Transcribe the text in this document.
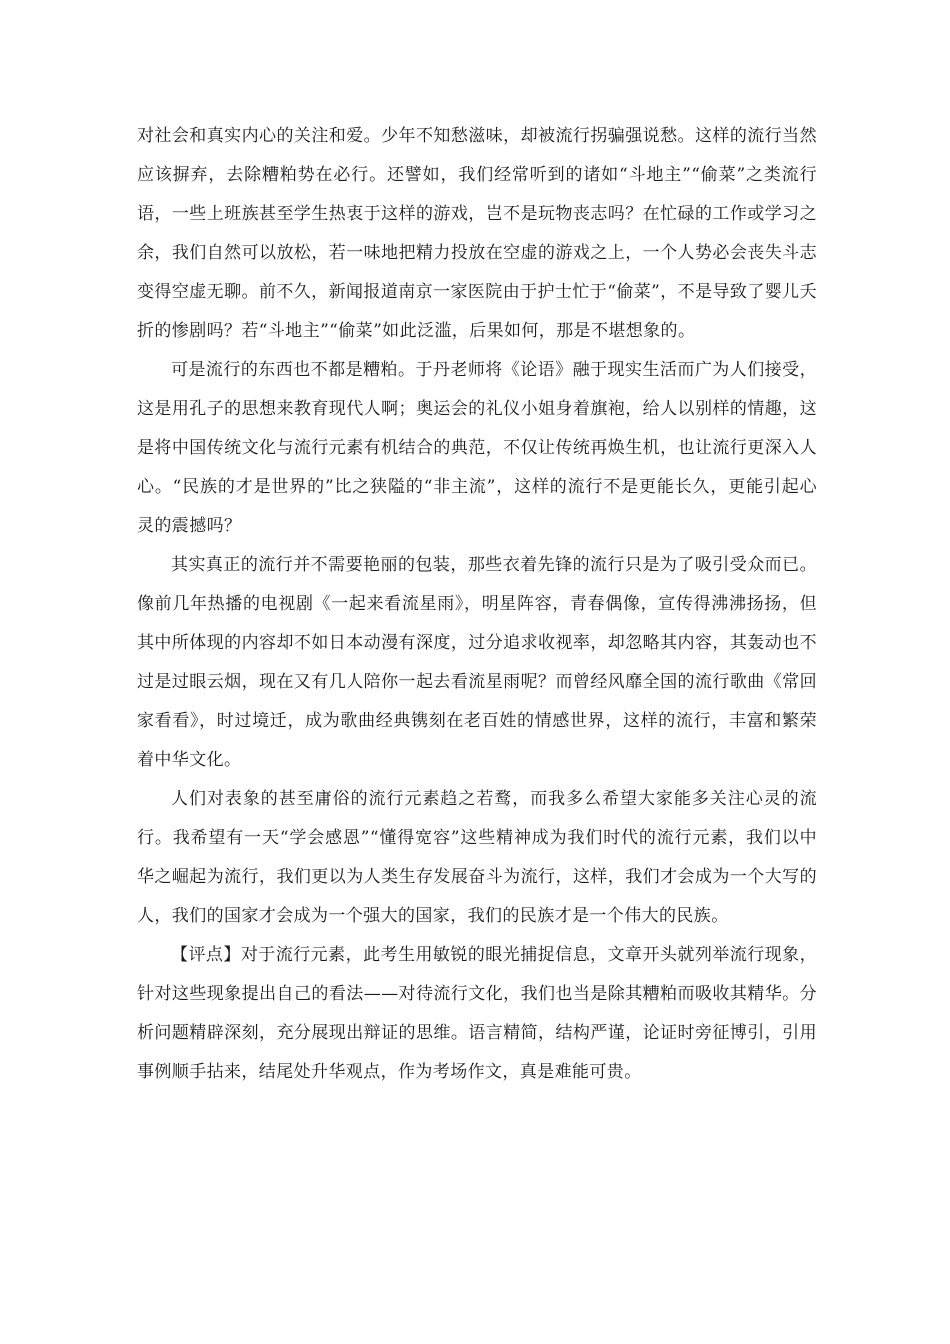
对社会和真实内心的关注和爱。少年不知愁滋味，却被流行拐骗强说愁。这样的流行当然应该摒弃，去除糟粕势在必行。还譬如，我们经常听到的诸如“斗地主”“偷菜”之类流行语，一些上班族甚至学生热衷于这样的游戏，岂不是玩物丧志吗？在忙碌的工作或学习之余，我们自然可以放松，若一味地把精力投放在空虚的游戏之上，一个人势必会丧失斗志变得空虚无聊。前不久，新闻报道南京一家医院由于护士忙于“偷菜”，不是导致了婴儿夭折的惨剧吗？若“斗地主”“偷菜”如此泛滥，后果如何，那是不堪想象的。

可是流行的东西也不都是糟粕。于丹老师将《论语》融于现实生活而广为人们接受，这是用孔子的思想来教育现代人啊；奥运会的礼仪小姐身着旗袍，给人以别样的情趣，这是将中国传统文化与流行元素有机结合的典范，不仅让传统再焕生机，也让流行更深入人心。“民族的才是世界的”比之狭隘的“非主流”，这样的流行不是更能长久，更能引起心灵的震撼吗？

其实真正的流行并不需要艳丽的包装，那些衣着先锋的流行只是为了吸引受众而已。像前几年热播的电视剧《一起来看流星雨》，明星阵容，青春偶像，宣传得沸沸扬扬，但其中所体现的内容却不如日本动漫有深度，过分追求收视率，却忽略其内容，其轰动也不过是过眼云烟，现在又有几人陪你一起去看流星雨呢？而曾经风靡全国的流行歌曲《常回家看看》，时过境迁，成为歌曲经典镌刻在老百姓的情感世界，这样的流行，丰富和繁荣着中华文化。

人们对表象的甚至庸俗的流行元素趋之若鹜，而我多么希望大家能多关注心灵的流行。我希望有一天“学会感恩”“懂得宽容”这些精神成为我们时代的流行元素，我们以中华之崛起为流行，我们更以为人类生存发展奋斗为流行，这样，我们才会成为一个大写的人，我们的国家才会成为一个强大的国家，我们的民族才是一个伟大的民族。

【评点】对于流行元素，此考生用敏锐的眼光捕捉信息，文章开头就列举流行现象，针对这些现象提出自己的看法——对待流行文化，我们也当是除其糟粕而吸收其精华。分析问题精辟深刻，充分展现出辩证的思维。语言精简，结构严谨，论证时旁征博引，引用事例顺手拈来，结尾处升华观点，作为考场作文，真是难能可贵。
